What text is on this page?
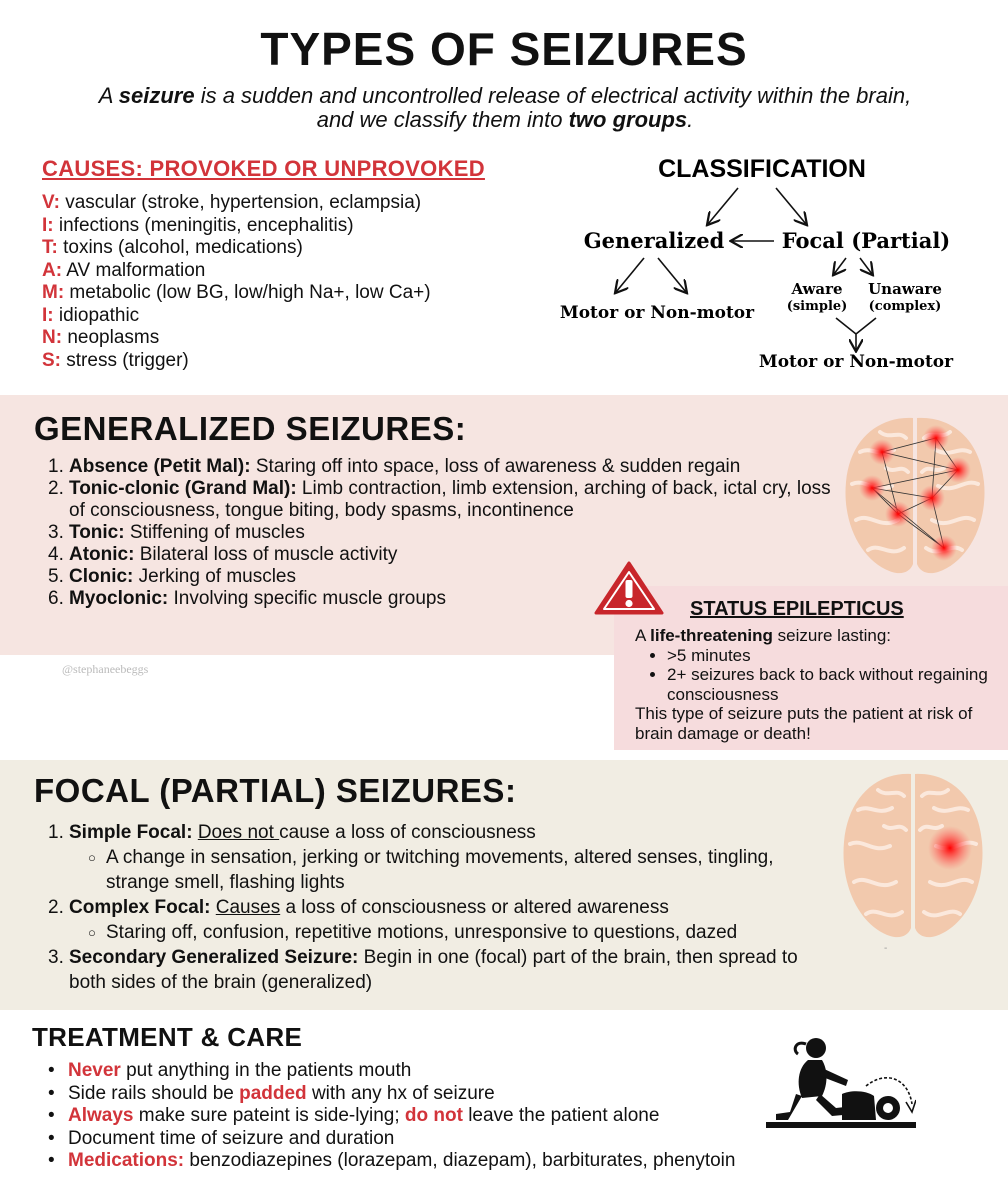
TYPES OF SEIZURES

A seizure is a sudden and uncontrolled release of electrical activity within the brain, and we classify them into two groups.

CAUSES: PROVOKED OR UNPROVOKED
V: vascular (stroke, hypertension, eclampsia)
I: infections (meningitis, encephalitis)
T: toxins (alcohol, medications)
A: AV malformation
M: metabolic (low BG, low/high Na+, low Ca+)
I: idiopathic
N: neoplasms
S: stress (trigger)
CLASSIFICATION
Generalized	Focal (Partial)
Motor or Non-motor
Aware
(simple)
Unaware
(complex)
Motor or Non-motor
GENERALIZED SEIZURES:
1. Absence (Petit Mal): Staring off into space, loss of awareness & sudden regain
2. Tonic-clonic (Grand Mal): Limb contraction, limb extension, arching of back, ictal cry, loss of consciousness, tongue biting, body spasms, incontinence
3. Tonic: Stiffening of muscles
4. Atonic: Bilateral loss of muscle activity
5. Clonic: Jerking of muscles
6. Myoclonic: Involving specific muscle groups
@stephaneebeggs
STATUS EPILEPTICUS
A life-threatening seizure lasting:
• >5 minutes
• 2+ seizures back to back without regaining consciousness
This type of seizure puts the patient at risk of brain damage or death!
FOCAL (PARTIAL) SEIZURES:
1. Simple Focal: Does not cause a loss of consciousness
○ A change in sensation, jerking or twitching movements, altered senses, tingling, strange smell, flashing lights
2. Complex Focal: Causes a loss of consciousness or altered awareness
○ Staring off, confusion, repetitive motions, unresponsive to questions, dazed
3. Secondary Generalized Seizure: Begin in one (focal) part of the brain, then spread to both sides of the brain (generalized)
-
TREATMENT & CARE
• Never put anything in the patients mouth
• Side rails should be padded with any hx of seizure
• Always make sure pateint is side-lying; do not leave the patient alone
• Document time of seizure and duration
• Medications: benzodiazepines (lorazepam, diazepam), barbiturates, phenytoin
